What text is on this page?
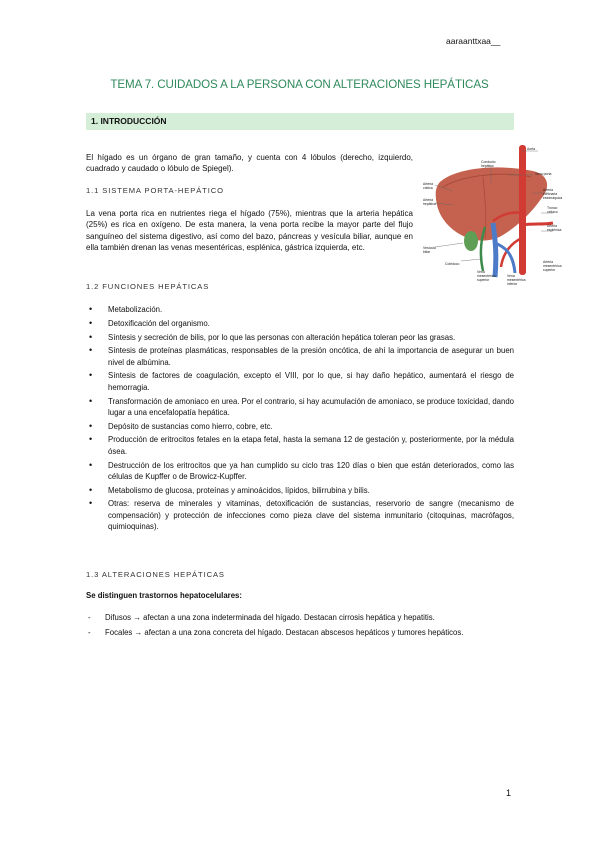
aaraanttxaa__
TEMA 7. CUIDADOS A LA PERSONA CON ALTERACIONES HEPÁTICAS
1. INTRODUCCIÓN

El hígado es un órgano de gran tamaño, y cuenta con 4 lóbulos (derecho, izquierdo, cuadrado y caudado o lóbulo de Spiegel).

1.1 SISTEMA PORTA-HEPÁTICO

La vena porta rica en nutrientes riega el hígado (75%), mientras que la arteria hepática (25%) es rica en oxígeno. De esta manera, la vena porta recibe la mayor parte del flujo sanguíneo del sistema digestivo, así como del bazo, páncreas y vesícula biliar, aunque en ella también drenan las venas mesentéricas, esplénica, gástrica izquierda, etc.

Aorta
Conducto
hepático
Vena porta
Arteria
cística	Arteria
coronaria
estomáquica
Arteria
hepática
Tronco
celíaco
Arteria
esplénica
Vesícula
biliar
Colédoco
Vena
mesentérica
superior
Vena
mesentérica
inferior
Arteria
mesentérica
superior
1.2 FUNCIONES HEPÁTICAS
• Metabolización.
• Detoxificación del organismo.
• Síntesis y secreción de bilis, por lo que las personas con alteración hepática toleran peor las grasas.
• Síntesis de proteínas plasmáticas, responsables de la presión oncótica, de ahí la importancia de asegurar un buen nivel de albúmina.
• Síntesis de factores de coagulación, excepto el VIII, por lo que, si hay daño hepático, aumentará el riesgo de hemorragia.
• Transformación de amoniaco en urea. Por el contrario, si hay acumulación de amoniaco, se produce toxicidad, dando lugar a una encefalopatía hepática.
• Depósito de sustancias como hierro, cobre, etc.
• Producción de eritrocitos fetales en la etapa fetal, hasta la semana 12 de gestación y, posteriormente, por la médula ósea.
• Destrucción de los eritrocitos que ya han cumplido su ciclo tras 120 días o bien que están deteriorados, como las células de Kupffer o de Browicz-Kupffer.
• Metabolismo de glucosa, proteínas y aminoácidos, lípidos, bilirrubina y bilis.
• Otras: reserva de minerales y vitaminas, detoxificación de sustancias, reservorio de sangre (mecanismo de compensación) y protección de infecciones como pieza clave del sistema inmunitario (citoquinas, macrófagos, quimioquinas).
1.3 ALTERACIONES HEPÁTICAS
Se distinguen trastornos hepatocelulares:
- Difusos → afectan a una zona indeterminada del hígado. Destacan cirrosis hepática y hepatitis.
- Focales → afectan a una zona concreta del hígado. Destacan abscesos hepáticos y tumores hepáticos.
1
